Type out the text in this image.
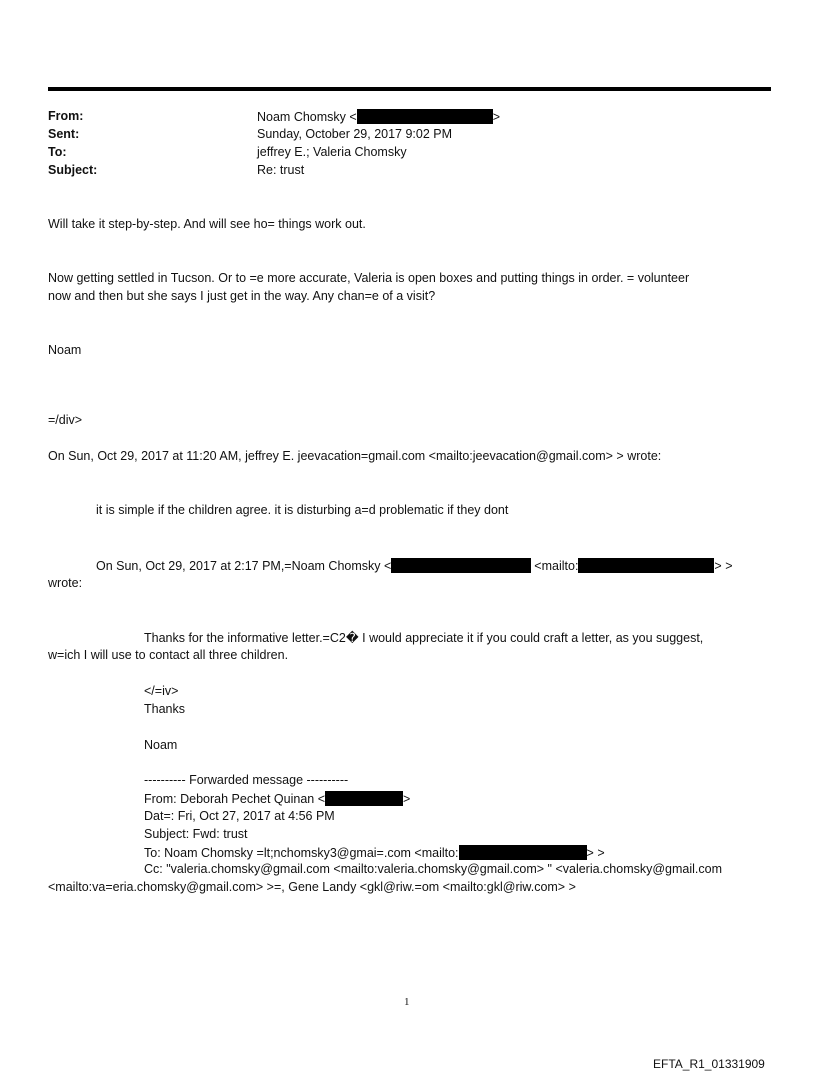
From:	Noam Chomsky <	>
Sent:	Sunday, October 29, 2017 9:02 PM
To:	jeffrey E.; Valeria Chomsky
Subject:	Re: trust
Will take it step-by-step. And will see ho= things work out.
Now getting settled in Tucson. Or to =e more accurate, Valeria is open boxes and putting things in order. = volunteer
now and then but she says I just get in the way. Any chan=e of a visit?
Noam
=/div>
On Sun, Oct 29, 2017 at 11:20 AM, jeffrey E. jeevacation=gmail.com <mailto:jeevacation@gmail.com> > wrote:
it is simple if the children agree. it is disturbing a=d problematic if they dont
On Sun, Oct 29, 2017 at 2:17 PM,=Noam Chomsky <	<mailto:	> >
wrote:
Thanks for the informative letter.=C2� I would appreciate it if you could craft a letter, as you suggest,
w=ich I will use to contact all three children.
</=iv>
Thanks
Noam
---------- Forwarded message ----------
From: Deborah Pechet Quinan <	>
Dat=: Fri, Oct 27, 2017 at 4:56 PM
Subject: Fwd: trust
To: Noam Chomsky =lt;nchomsky3@gmai=.com <mailto:	> >
Cc: "valeria.chomsky@gmail.com <mailto:valeria.chomsky@gmail.com> " <valeria.chomsky@gmail.com
<mailto:va=eria.chomsky@gmail.com> >=, Gene Landy <gkl@riw.=om <mailto:gkl@riw.com> >
1
EFTA_R1_01331909
